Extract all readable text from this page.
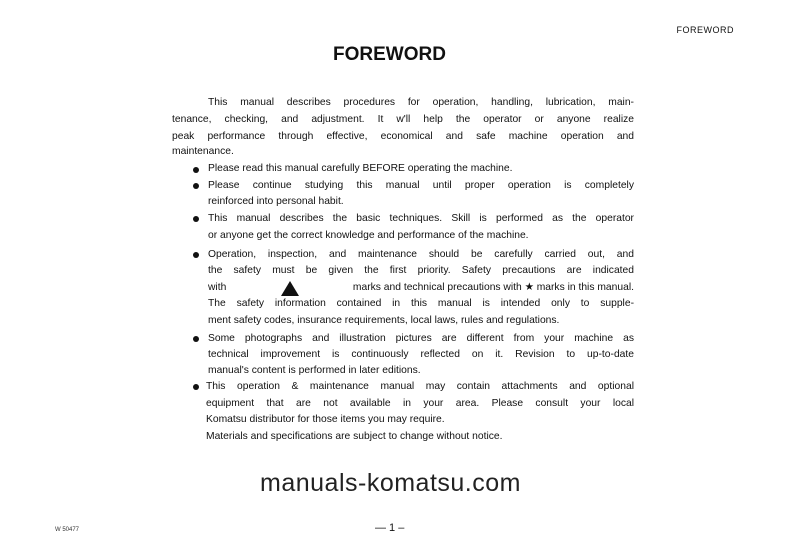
FOREWORD
FOREWORD
This manual describes procedures for operation, handling, lubrication, main-
tenance, checking, and adjustment. It w'll help the operator or anyone realize
peak performance through effective, economical and safe machine operation and
maintenance.
Please read this manual carefully BEFORE operating the machine.
Please continue studying this manual until proper operation is completely
reinforced into personal habit.
This manual describes the basic techniques. Skill is performed as the operator
or anyone get the correct knowledge and performance of the machine.
Operation, inspection, and maintenance should be carefully carried out, and
the safety must be given the first priority. Safety precautions are indicated
with	marks and technical precautions with ★ marks in this manual.
The safety information contained in this manual is intended only to supple-
ment safety codes, insurance requirements, local laws, rules and regulations.
Some photographs and illustration pictures are different from your machine as
technical improvement is continuously reflected on it. Revision to up-to-date
manual's content is performed in later editions.
This operation & maintenance manual may contain attachments and optional
equipment that are not available in your area. Please consult your local
Komatsu distributor for those items you may require.
Materials and specifications are subject to change without notice.
manuals-komatsu.com
W 50477	— 1 –
